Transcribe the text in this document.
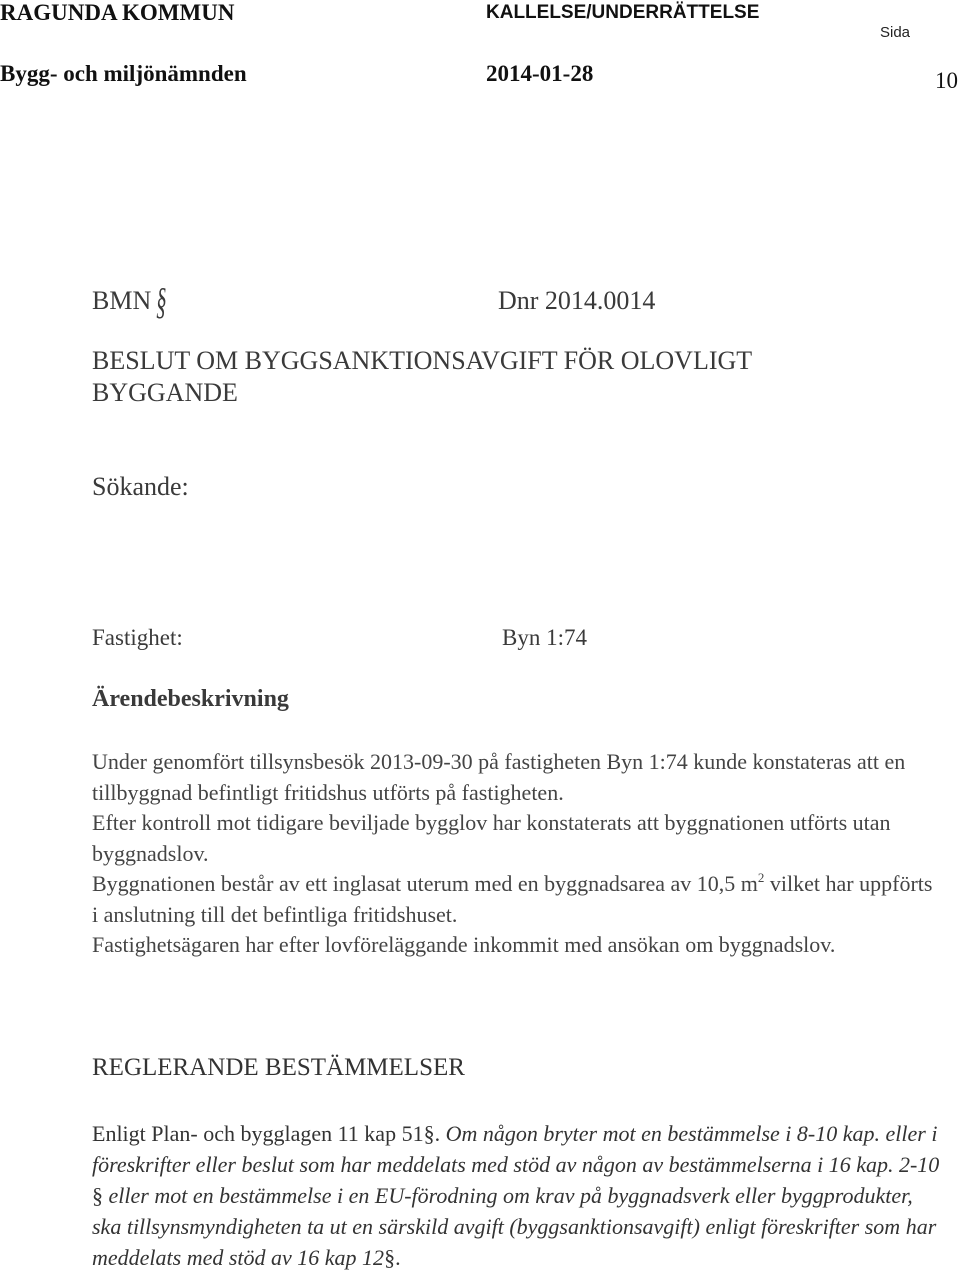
RAGUNDA KOMMUN	KALLELSE/UNDERRÄTTELSE
Sida
Bygg- och miljönämnden	2014-01-28	10
BMN §	Dnr 2014.0014
BESLUT OM BYGGSANKTIONSAVGIFT FÖR OLOVLIGT
BYGGANDE
Sökande:
Fastighet:	Byn 1:74
Ärendebeskrivning

Under genomfört tillsynsbesök 2013-09-30 på fastigheten Byn 1:74 kunde konstateras att en tillbyggnad befintligt fritidshus utförts på fastigheten.

Efter kontroll mot tidigare beviljade bygglov har konstaterats att byggnationen utförts utan byggnadslov.

Byggnationen består av ett inglasat uterum med en byggnadsarea av 10,5 $m^2$ vilket har uppförts i anslutning till det befintliga fritidshuset.

Fastighetsägaren har efter lovföreläggande inkommit med ansökan om byggnadslov.

REGLERANDE BESTÄMMELSER

Enligt Plan- och bygglagen 11 kap 51§. Om någon bryter mot en bestämmelse i 8-10 kap. eller i föreskrifter eller beslut som har meddelats med stöd av någon av bestämmelserna i 16 kap. 2-10 § eller mot en bestämmelse i en EU-förodning om krav på byggnadsverk eller byggprodukter, ska tillsynsmyndigheten ta ut en särskild avgift (byggsanktionsavgift) enligt föreskrifter som har meddelats med stöd av 16 kap 12§.
